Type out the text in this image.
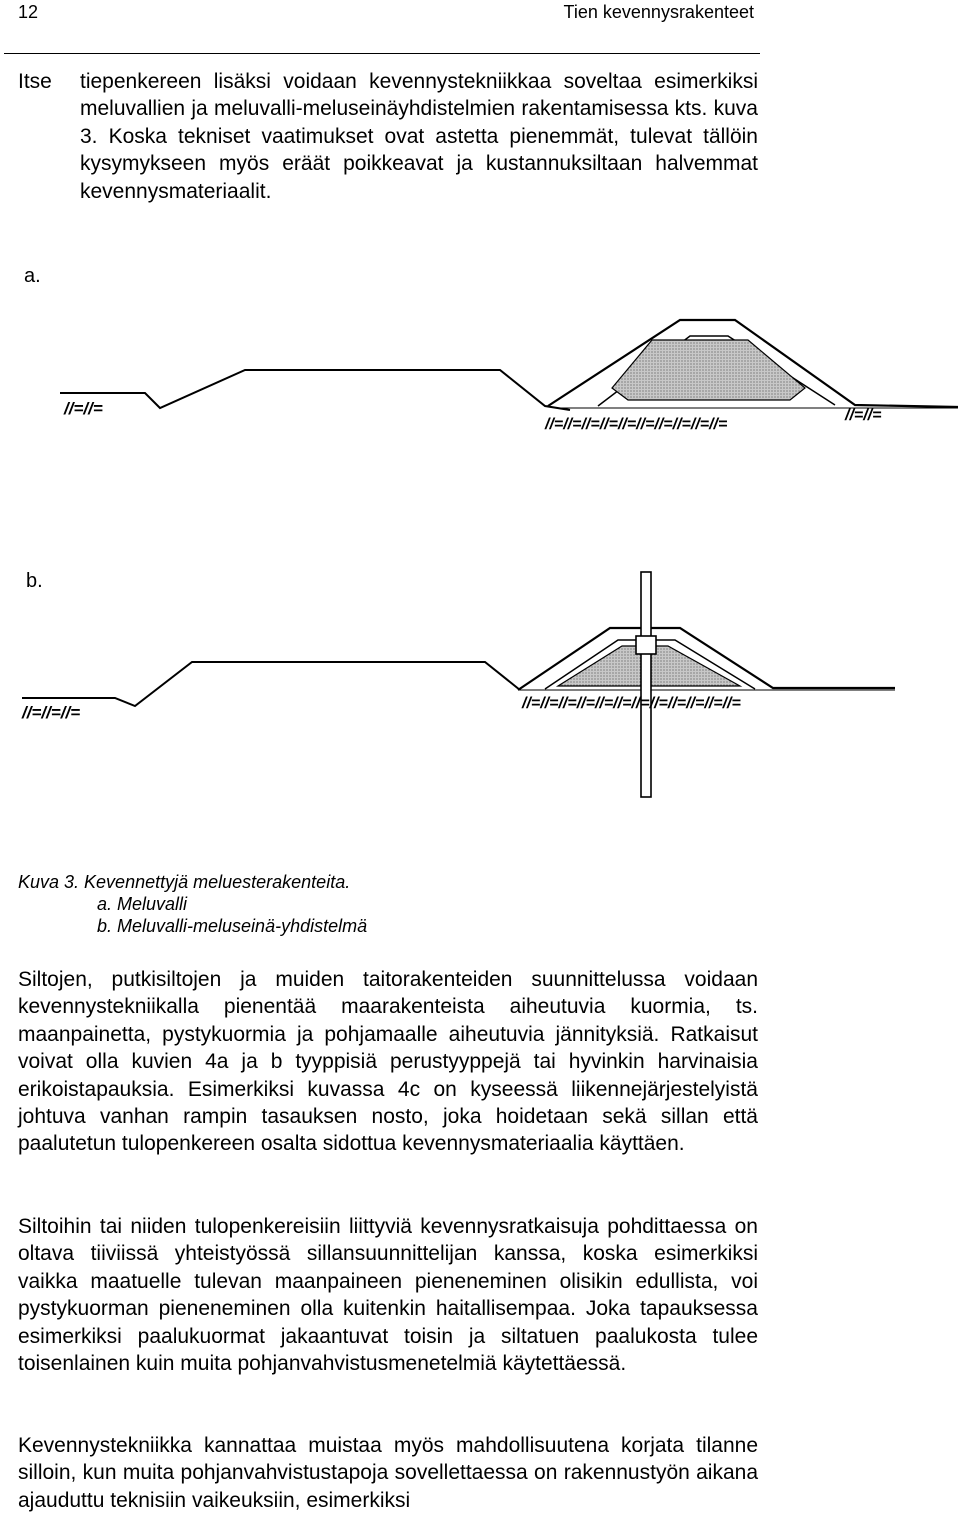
12	Tien kevennysrakenteet
Itse tiepenkereen lisäksi voidaan kevennystekniikkaa soveltaa esimerkiksi meluvallien ja meluvalli-meluseinäyhdistelmien rakentamisessa kts. kuva 3. Koska tekniset vaatimukset ovat astetta pienemmät, tulevat tällöin kysymykseen myös eräät poikkeavat ja kustannuksiltaan halvemmat kevennysmateriaalit.
a.
b.
//=//=
//=//=//=//=//=//=//=//=//=//=
//=//=
//=//=//=	//=//=//=//=//=//=//=//=//=//=//=//=
Kuva 3. Kevennettyjä meluesterakenteita.
a. Meluvalli
b. Meluvalli-meluseinä-yhdistelmä
Siltojen, putkisiltojen ja muiden taitorakenteiden suunnittelussa voidaan kevennystekniikalla pienentää maarakenteista aiheutuvia kuormia, ts. maanpainetta, pystykuormia ja pohjamaalle aiheutuvia jännityksiä. Ratkaisut voivat olla kuvien 4a ja b tyyppisiä perustyyppejä tai hyvinkin harvinaisia erikoistapauksia. Esimerkiksi kuvassa 4c on kyseessä liikennejärjestelyistä johtuva vanhan rampin tasauksen nosto, joka hoidetaan sekä sillan että paalutetun tulopenkereen osalta sidottua kevennysmateriaalia käyttäen.
Siltoihin tai niiden tulopenkereisiin liittyviä kevennysratkaisuja pohdittaessa on oltava tiiviissä yhteistyössä sillansuunnittelijan kanssa, koska esimerkiksi vaikka maatuelle tulevan maanpaineen pieneneminen olisikin edullista, voi pystykuorman pieneneminen olla kuitenkin haitallisempaa. Joka tapauksessa esimerkiksi paalukuormat jakaantuvat toisin ja siltatuen paalukosta tulee toisenlainen kuin muita pohjanvahvistusmenetelmiä käytettäessä.
Kevennystekniikka kannattaa muistaa myös mahdollisuutena korjata tilanne silloin, kun muita pohjanvahvistustapoja sovellettaessa on rakennustyön aikana ajauduttu teknisiin vaikeuksiin, esimerkiksi
